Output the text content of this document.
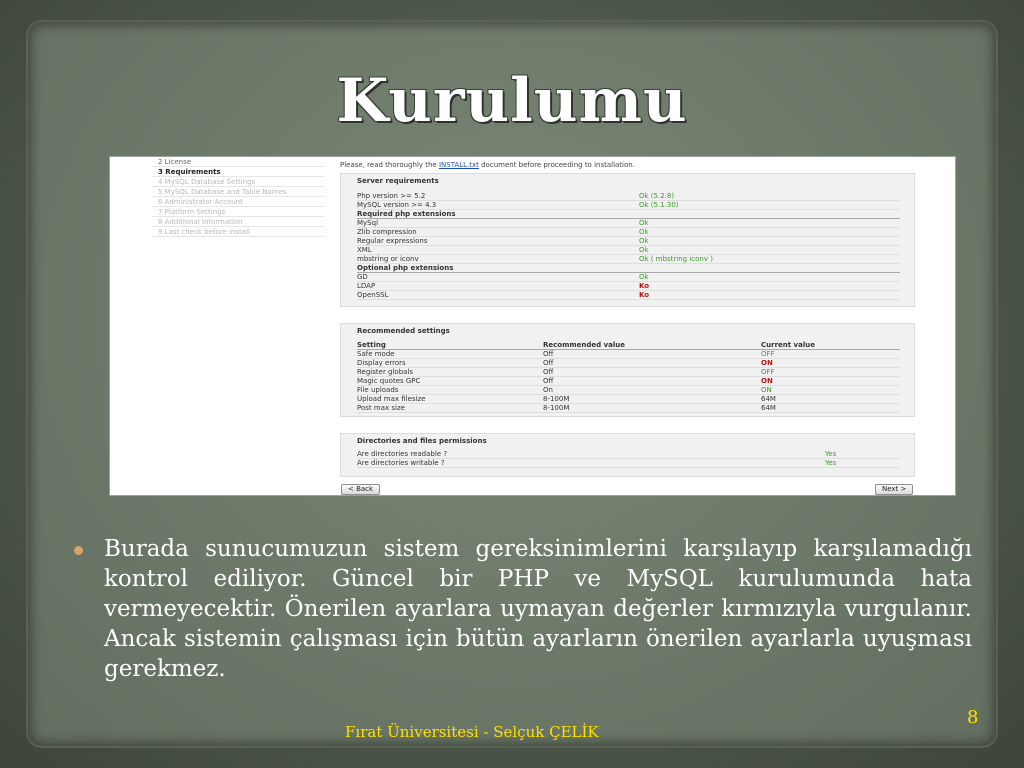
Kurulumu
2 License
3 Requirements
4 MySQL Database Settings
5 MySQL Database and Table Names
6 Administrator Account
7 Platform Settings
8 Additional Information
9 Last check before install
Please, read thoroughly the INSTALL.txt document before proceeding to installation.
Server requirements
Php version >= 5.2	Ok (5.2.8)
MySQL version >= 4.3	Ok (5.1.30)
Required php extensions
MySql	Ok
Zlib compression	Ok
Regular expressions	Ok
XML	Ok
mbstring or iconv	Ok ( mbstring iconv )
Optional php extensions
GD	Ok
LDAP	Ko
OpenSSL	Ko
Recommended settings
Setting	Recommended value	Current value
Safe mode	Off	OFF
Display errors	Off	ON
Register globals	Off	OFF
Magic quotes GPC	Off	ON
File uploads	On	ON
Upload max filesize	8-100M	64M
Post max size	8-100M	64M
Directories and files permissions
Are directories readable ?	Yes
Are directories writable ?	Yes
< Back	Next >
Burada sunucumuzun sistem gereksinimlerini karşılayıp karşılamadığı kontrol ediliyor. Güncel bir PHP ve MySQL kurulumunda hata vermeyecektir. Önerilen ayarlara uymayan değerler kırmızıyla vurgulanır. Ancak sistemin çalışması için bütün ayarların önerilen ayarlarla uyuşması gerekmez.
Fırat Üniversitesi - Selçuk ÇELİK
8
